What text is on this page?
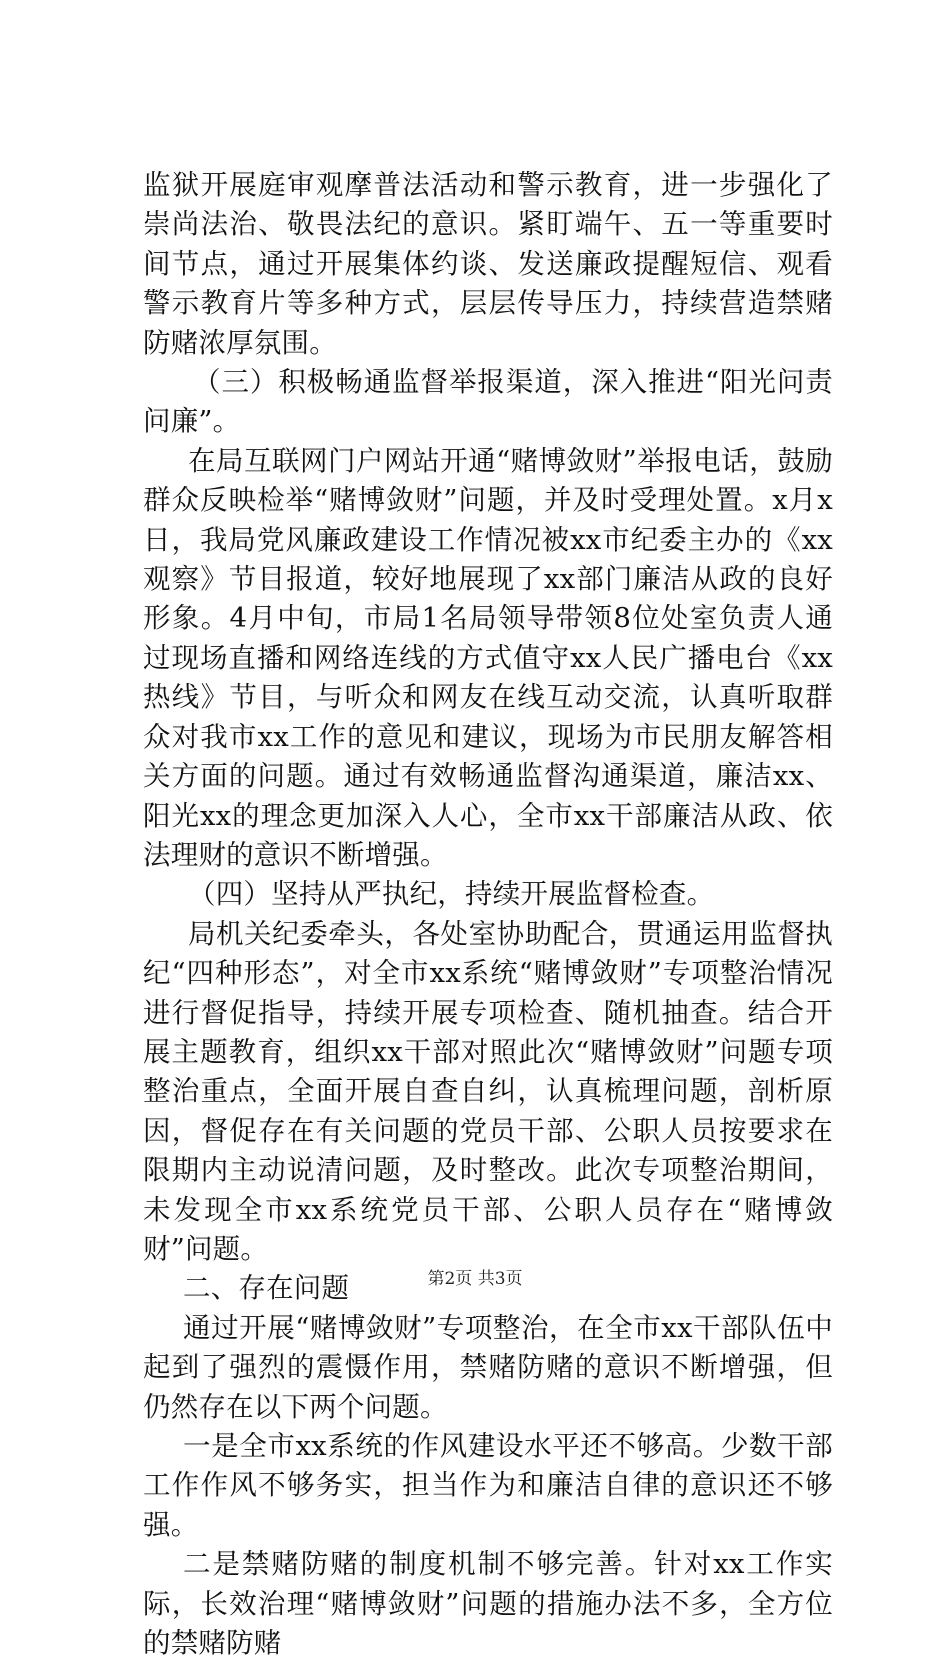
监狱开展庭审观摩普法活动和警示教育，进一步强化了崇尚法治、敬畏法纪的意识。紧盯端午、五一等重要时间节点，通过开展集体约谈、发送廉政提醒短信、观看警示教育片等多种方式，层层传导压力，持续营造禁赌防赌浓厚氛围。

（三）积极畅通监督举报渠道，深入推进“阳光问责问廉”。

在局互联网门户网站开通“赌博敛财”举报电话，鼓励群众反映检举“赌博敛财”问题，并及时受理处置。x月x日，我局党风廉政建设工作情况被xx市纪委主办的《xx观察》节目报道，较好地展现了xx部门廉洁从政的良好形象。4月中旬，市局1名局领导带领8位处室负责人通过现场直播和网络连线的方式值守xx人民广播电台《xx热线》节目，与听众和网友在线互动交流，认真听取群众对我市xx工作的意见和建议，现场为市民朋友解答相关方面的问题。通过有效畅通监督沟通渠道，廉洁xx、阳光xx的理念更加深入人心，全市xx干部廉洁从政、依法理财的意识不断增强。

（四）坚持从严执纪，持续开展监督检查。

局机关纪委牵头，各处室协助配合，贯通运用监督执纪“四种形态”，对全市xx系统“赌博敛财”专项整治情况进行督促指导，持续开展专项检查、随机抽查。结合开展主题教育，组织xx干部对照此次“赌博敛财”问题专项整治重点，全面开展自查自纠，认真梳理问题，剖析原因，督促存在有关问题的党员干部、公职人员按要求在限期内主动说清问题，及时整改。此次专项整治期间，未发现全市xx系统党员干部、公职人员存在“赌博敛财”问题。

二、存在问题

通过开展“赌博敛财”专项整治，在全市xx干部队伍中起到了强烈的震慑作用，禁赌防赌的意识不断增强，但仍然存在以下两个问题。

一是全市xx系统的作风建设水平还不够高。少数干部工作作风不够务实，担当作为和廉洁自律的意识还不够强。

二是禁赌防赌的制度机制不够完善。针对xx工作实际，长效治理“赌博敛财”问题的措施办法不多，全方位的禁赌防赌

第2页 共3页
